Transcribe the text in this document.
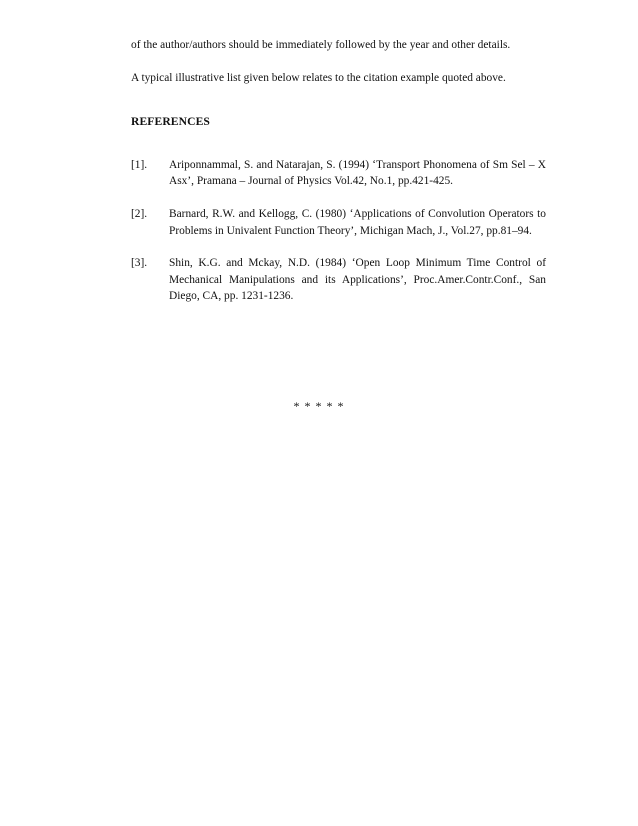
of the author/authors should be immediately followed by the year and other details.

A typical illustrative list given below relates to the citation example quoted above.

REFERENCES
[1].	Ariponnammal, S. and Natarajan, S. (1994) ‘Transport Phonomena of Sm Sel – X Asx’, Pramana – Journal of Physics Vol.42, No.1, pp.421-425.
[2].	Barnard, R.W. and Kellogg, C. (1980) ‘Applications of Convolution Operators to Problems in Univalent Function Theory’, Michigan Mach, J., Vol.27, pp.81–94.
[3].	Shin, K.G. and Mckay, N.D. (1984) ‘Open Loop Minimum Time Control of Mechanical Manipulations and its Applications’, Proc.Amer.Contr.Conf., San Diego, CA, pp. 1231-1236.
* * * * *
